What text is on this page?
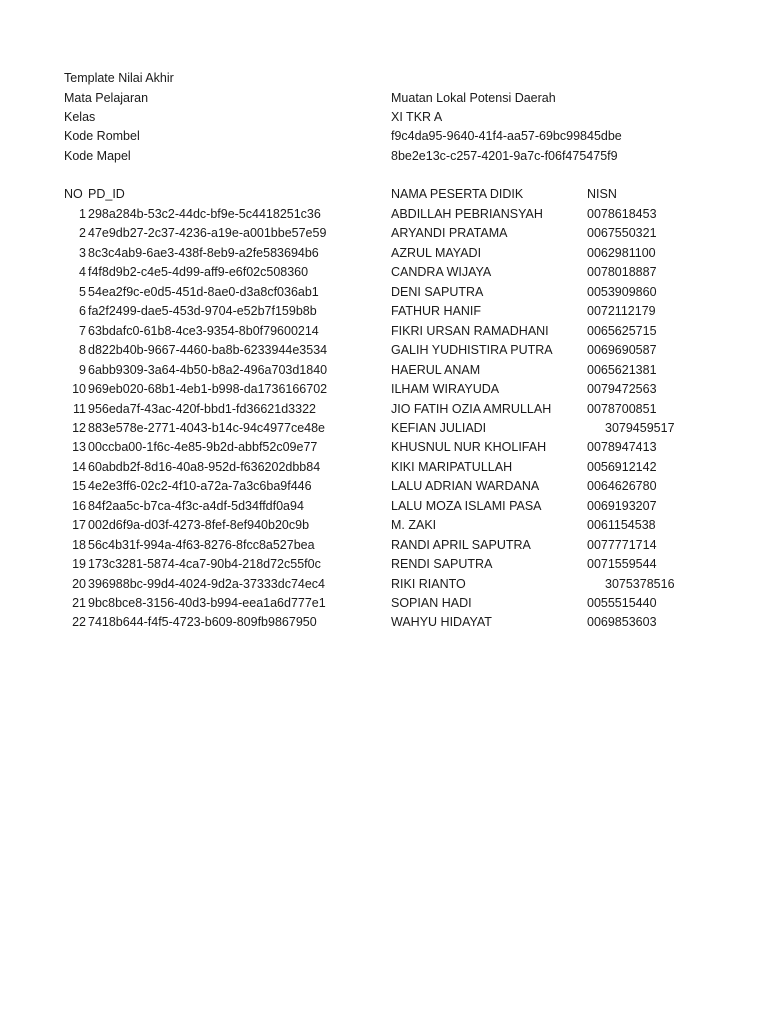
Template Nilai Akhir
Mata Pelajaran	Muatan Lokal Potensi Daerah
Kelas	XI TKR A
Kode Rombel	f9c4da95-9640-41f4-aa57-69bc99845dbe
Kode Mapel	8be2e13c-c257-4201-9a7c-f06f475475f9
NO PD_ID	NAMA PESERTA DIDIK	NISN
1 298a284b-53c2-44dc-bf9e-5c4418251c36	ABDILLAH PEBRIANSYAH	0078618453
2 47e9db27-2c37-4236-a19e-a001bbe57e59	ARYANDI PRATAMA	0067550321
3 8c3c4ab9-6ae3-438f-8eb9-a2fe583694b6	AZRUL MAYADI	0062981100
4 f4f8d9b2-c4e5-4d99-aff9-e6f02c508360	CANDRA WIJAYA	0078018887
5 54ea2f9c-e0d5-451d-8ae0-d3a8cf036ab1	DENI SAPUTRA	0053909860
6 fa2f2499-dae5-453d-9704-e52b7f159b8b	FATHUR HANIF	0072112179
7 63bdafc0-61b8-4ce3-9354-8b0f79600214	FIKRI URSAN RAMADHANI	0065625715
8 d822b40b-9667-4460-ba8b-6233944e3534	GALIH YUDHISTIRA PUTRA	0069690587
9 6abb9309-3a64-4b50-b8a2-496a703d1840	HAERUL ANAM	0065621381
10 969eb020-68b1-4eb1-b998-da1736166702	ILHAM WIRAYUDA	0079472563
11 956eda7f-43ac-420f-bbd1-fd36621d3322	JIO FATIH OZIA AMRULLAH	0078700851
12 883e578e-2771-4043-b14c-94c4977ce48e	KEFIAN JULIADI	3079459517
13 00ccba00-1f6c-4e85-9b2d-abbf52c09e77	KHUSNUL NUR KHOLIFAH	0078947413
14 60abdb2f-8d16-40a8-952d-f636202dbb84	KIKI MARIPATULLAH	0056912142
15 4e2e3ff6-02c2-4f10-a72a-7a3c6ba9f446	LALU ADRIAN WARDANA	0064626780
16 84f2aa5c-b7ca-4f3c-a4df-5d34ffdf0a94	LALU MOZA ISLAMI PASA	0069193207
17 002d6f9a-d03f-4273-8fef-8ef940b20c9b	M. ZAKI	0061154538
18 56c4b31f-994a-4f63-8276-8fcc8a527bea	RANDI APRIL SAPUTRA	0077771714
19 173c3281-5874-4ca7-90b4-218d72c55f0c	RENDI SAPUTRA	0071559544
20 396988bc-99d4-4024-9d2a-37333dc74ec4	RIKI RIANTO	3075378516
21 9bc8bce8-3156-40d3-b994-eea1a6d777e1	SOPIAN HADI	0055515440
22 7418b644-f4f5-4723-b609-809fb9867950	WAHYU HIDAYAT	0069853603
